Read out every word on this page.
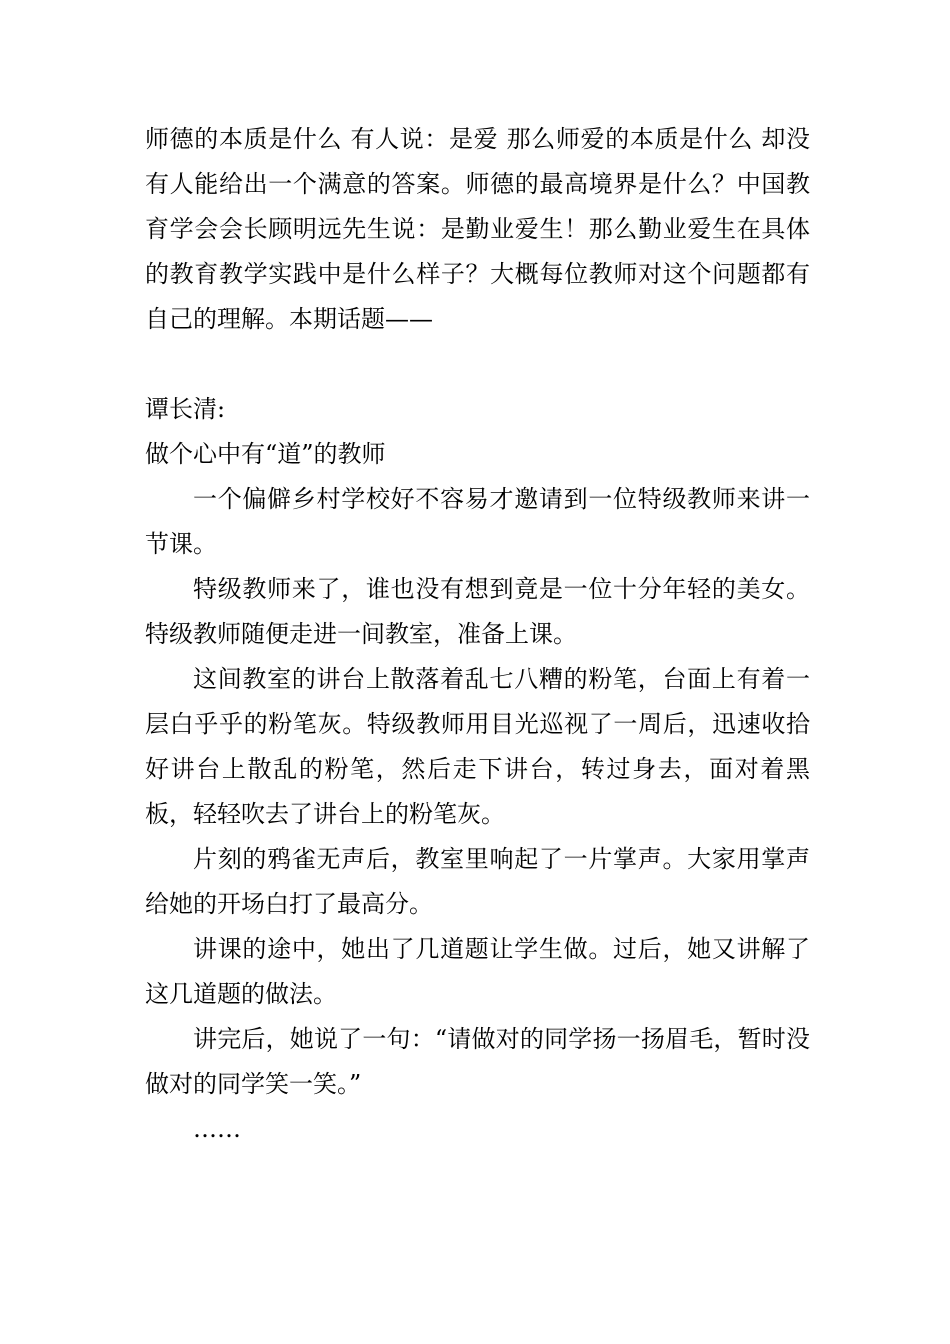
师德的本质是什么 有人说：是爱 那么师爱的本质是什么 却没有人能给出一个满意的答案。师德的最高境界是什么？中国教育学会会长顾明远先生说：是勤业爱生！那么勤业爱生在具体的教育教学实践中是什么样子？大概每位教师对这个问题都有自己的理解。本期话题——

谭长清:

做个心中有“道”的教师

一个偏僻乡村学校好不容易才邀请到一位特级教师来讲一节课。

特级教师来了，谁也没有想到竟是一位十分年轻的美女。特级教师随便走进一间教室，准备上课。

这间教室的讲台上散落着乱七八糟的粉笔，台面上有着一层白乎乎的粉笔灰。特级教师用目光巡视了一周后，迅速收拾好讲台上散乱的粉笔，然后走下讲台，转过身去，面对着黑板，轻轻吹去了讲台上的粉笔灰。

片刻的鸦雀无声后，教室里响起了一片掌声。大家用掌声给她的开场白打了最高分。

讲课的途中，她出了几道题让学生做。过后，她又讲解了这几道题的做法。

讲完后，她说了一句：“请做对的同学扬一扬眉毛，暂时没做对的同学笑一笑。”

……
